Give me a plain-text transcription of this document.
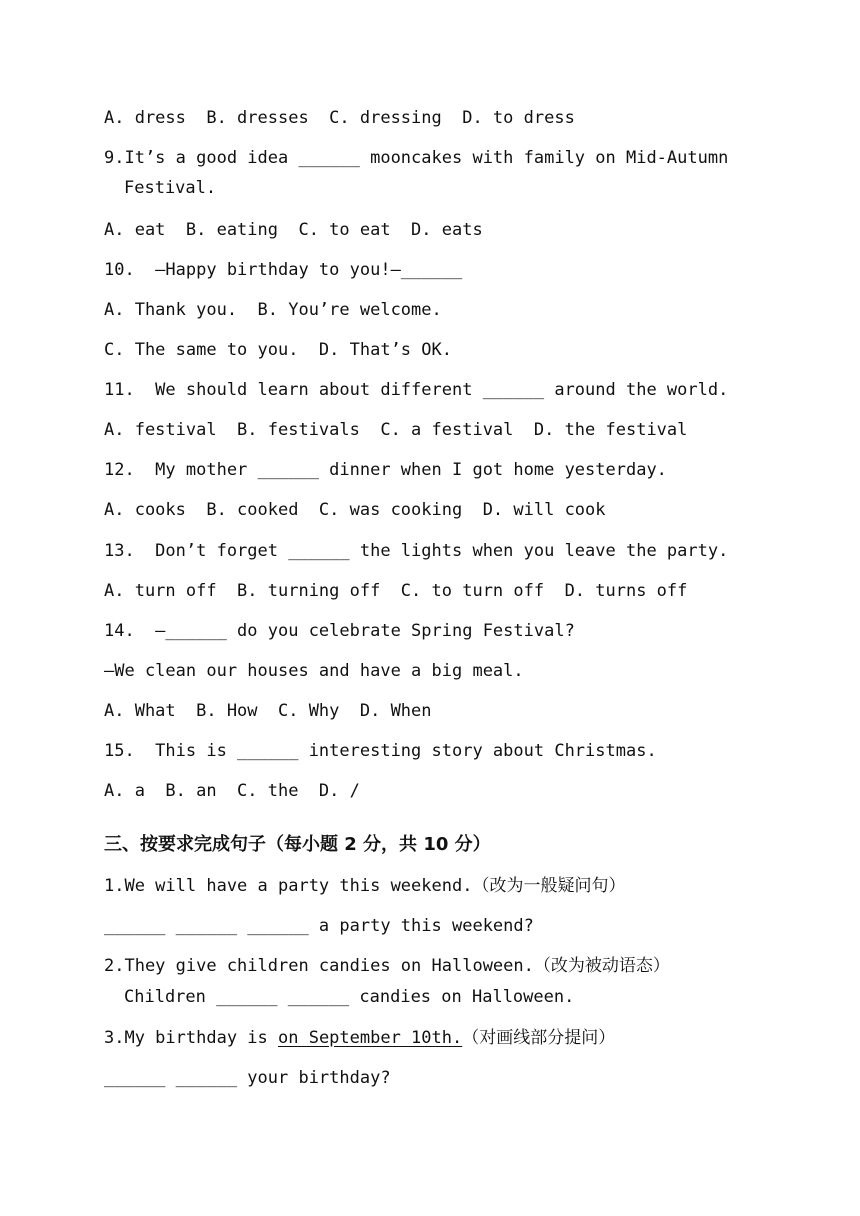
A. dress  B. dresses  C. dressing  D. to dress
9.It’s a good idea ______ mooncakes with family on Mid-Autumn
Festival.
A. eat  B. eating  C. to eat  D. eats
10.  —Happy birthday to you!—______
A. Thank you.  B. You’re welcome.
C. The same to you.  D. That’s OK.
11.  We should learn about different ______ around the world.
A. festival  B. festivals  C. a festival  D. the festival
12.  My mother ______ dinner when I got home yesterday.
A. cooks  B. cooked  C. was cooking  D. will cook
13.  Don’t forget ______ the lights when you leave the party.
A. turn off  B. turning off  C. to turn off  D. turns off
14.  —______ do you celebrate Spring Festival?
—We clean our houses and have a big meal.
A. What  B. How  C. Why  D. When
15.  This is ______ interesting story about Christmas.
A. a  B. an  C. the  D. /
三、按要求完成句子（每小题 2 分，共 10 分）
1.We will have a party this weekend.（改为一般疑问句）
______ ______ ______ a party this weekend?
2.They give children candies on Halloween.（改为被动语态）
Children ______ ______ candies on Halloween.
3.My birthday is on September 10th.（对画线部分提问）
______ ______ your birthday?
